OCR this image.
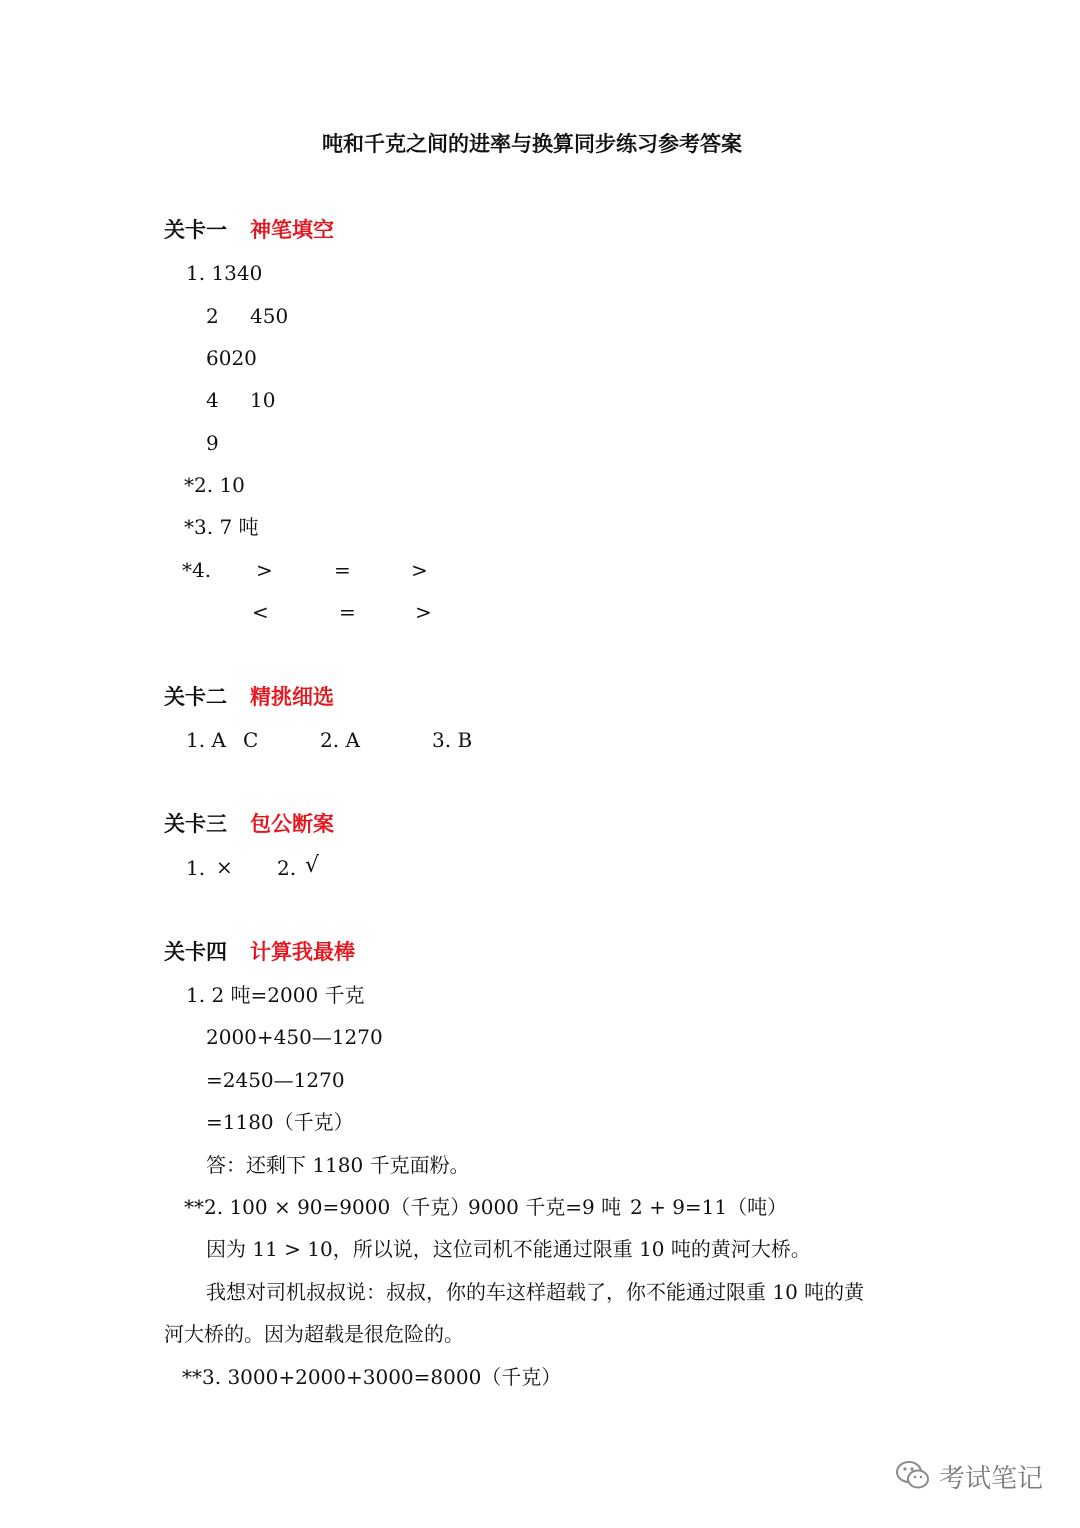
吨和千克之间的进率与换算同步练习参考答案
关卡一 神笔填空
1. 1340
2 450
6020
4 10
9
*2. 10
*3. 7 吨
*4. >	=	>
<	=	>
关卡二 精挑细选
1. A C	2. A	3. B
关卡三 包公断案
1. × 2. √
关卡四 计算我最棒
1. 2 吨=2000 千克
2000+450—1270
=2450—1270
=1180（千克）
答：还剩下 1180 千克面粉。
**2. 100 × 90=9000（千克）
9000 千克=9 吨 2 + 9=11（吨）
因为 11 > 10，所以说，这位司机不能通过限重 10 吨的黄河大桥。
我想对司机叔叔说：叔叔，你的车这样超载了，你不能通过限重 10 吨的黄
河大桥的。因为超载是很危险的。
**3. 3000+2000+3000=8000（千克）
考试笔记
